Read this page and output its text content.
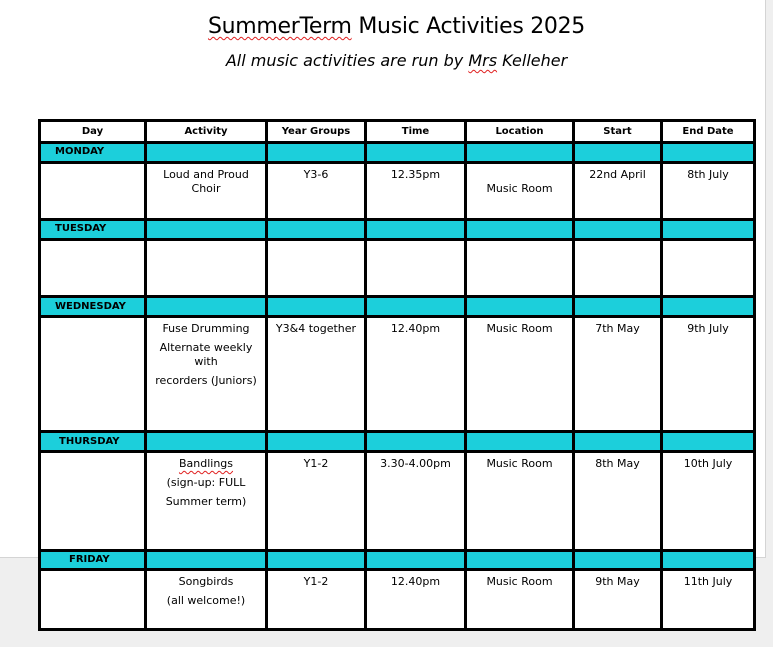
SummerTerm Music Activities 2025
All music activities are run by Mrs Kelleher
Day	Activity	Year Groups	Time	Location	Start	End Date
MONDAY						

	Loud and Proud Choir	Y3-6	12.35pm	Music Room	22nd April	8th July
TUESDAY						

WEDNESDAY						

	Fuse Drumming
Alternate weekly with
recorders (Juniors)	Y3&4 together	12.40pm	Music Room	7th May	9th July
THURSDAY						

	Bandlings
(sign-up: FULL
Summer term)	Y1-2	3.30-4.00pm	Music Room	8th May	10th July
FRIDAY						

	Songbirds
(all welcome!)	Y1-2	12.40pm	Music Room	9th May	11th July
